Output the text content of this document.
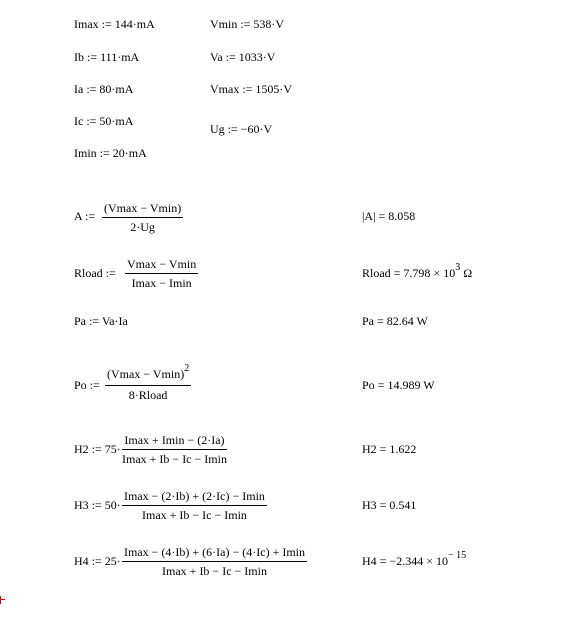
Imax := 144·mA
Ib := 111·mA
Ia := 80·mA
Ic := 50·mA
Imin := 20·mA
Vmin := 538·V
Va := 1033·V
Vmax := 1505·V
Ug := −60·V
A :=
(Vmax − Vmin)
2·Ug
|A| = 8.058
Rload :=
Vmax − Vmin
Imax − Imin
Rload = $7.798 \times 10^3$ Ω
Pa := Va·Ia	Pa = 82.64 W
Po :=
$(Vmax - Vmin)^2$
8·Rload
Po = 14.989 W
H2 := 75·
Imax + Imin − (2·Ia)
Imax + Ib − Ic − Imin
H2 = 1.622
H3 := 50·
Imax − (2·Ib) + (2·Ic) − Imin
Imax + Ib − Ic − Imin
H3 = 0.541
H4 := 25·
Imax − (4·Ib) + (6·Ia) − (4·Ic) + Imin
Imax + Ib − Ic − Imin
$H4 = -2.344 \times 10^{- 15}$
